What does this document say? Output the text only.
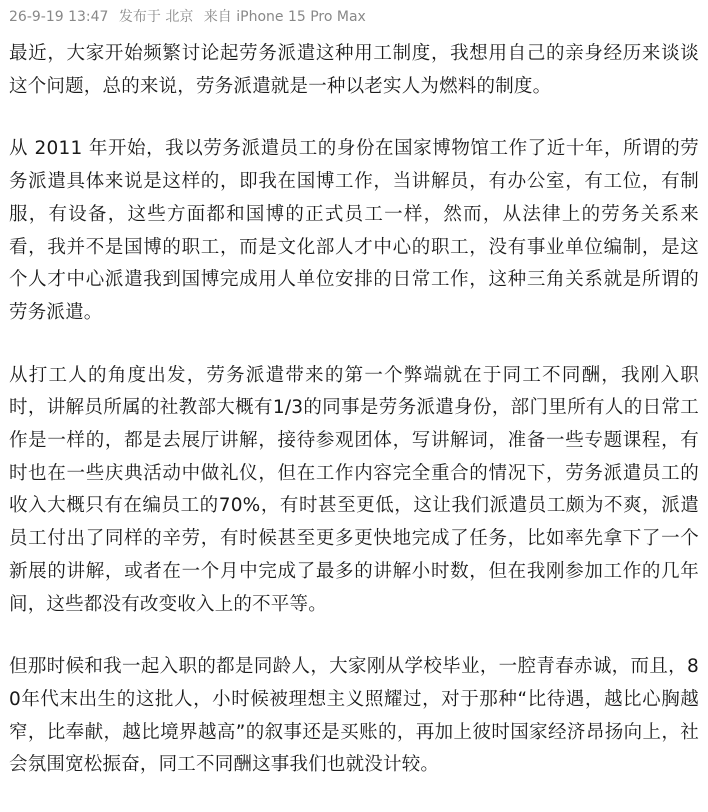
26-9-19 13:47 发布于 北京 来自 iPhone 15 Pro Max

最近，大家开始频繁讨论起劳务派遣这种用工制度，我想用自己的亲身经历来谈谈这个问题，总的来说，劳务派遣就是一种以老实人为燃料的制度。

从 2011 年开始，我以劳务派遣员工的身份在国家博物馆工作了近十年，所谓的劳务派遣具体来说是这样的，即我在国博工作，当讲解员，有办公室，有工位，有制服，有设备，这些方面都和国博的正式员工一样，然而，从法律上的劳务关系来看，我并不是国博的职工，而是文化部人才中心的职工，没有事业单位编制，是这个人才中心派遣我到国博完成用人单位安排的日常工作，这种三角关系就是所谓的劳务派遣。

从打工人的角度出发，劳务派遣带来的第一个弊端就在于同工不同酬，我刚入职时，讲解员所属的社教部大概有1/3的同事是劳务派遣身份，部门里所有人的日常工作是一样的，都是去展厅讲解，接待参观团体，写讲解词，准备一些专题课程，有时也在一些庆典活动中做礼仪，但在工作内容完全重合的情况下，劳务派遣员工的收入大概只有在编员工的70%，有时甚至更低，这让我们派遣员工颇为不爽，派遣员工付出了同样的辛劳，有时候甚至更多更快地完成了任务，比如率先拿下了一个新展的讲解，或者在一个月中完成了最多的讲解小时数，但在我刚参加工作的几年间，这些都没有改变收入上的不平等。

但那时候和我一起入职的都是同龄人，大家刚从学校毕业，一腔青春赤诚，而且，80年代末出生的这批人，小时候被理想主义照耀过，对于那种“比待遇，越比心胸越窄，比奉献，越比境界越高”的叙事还是买账的，再加上彼时国家经济昂扬向上，社会氛围宽松振奋，同工不同酬这事我们也就没计较。
